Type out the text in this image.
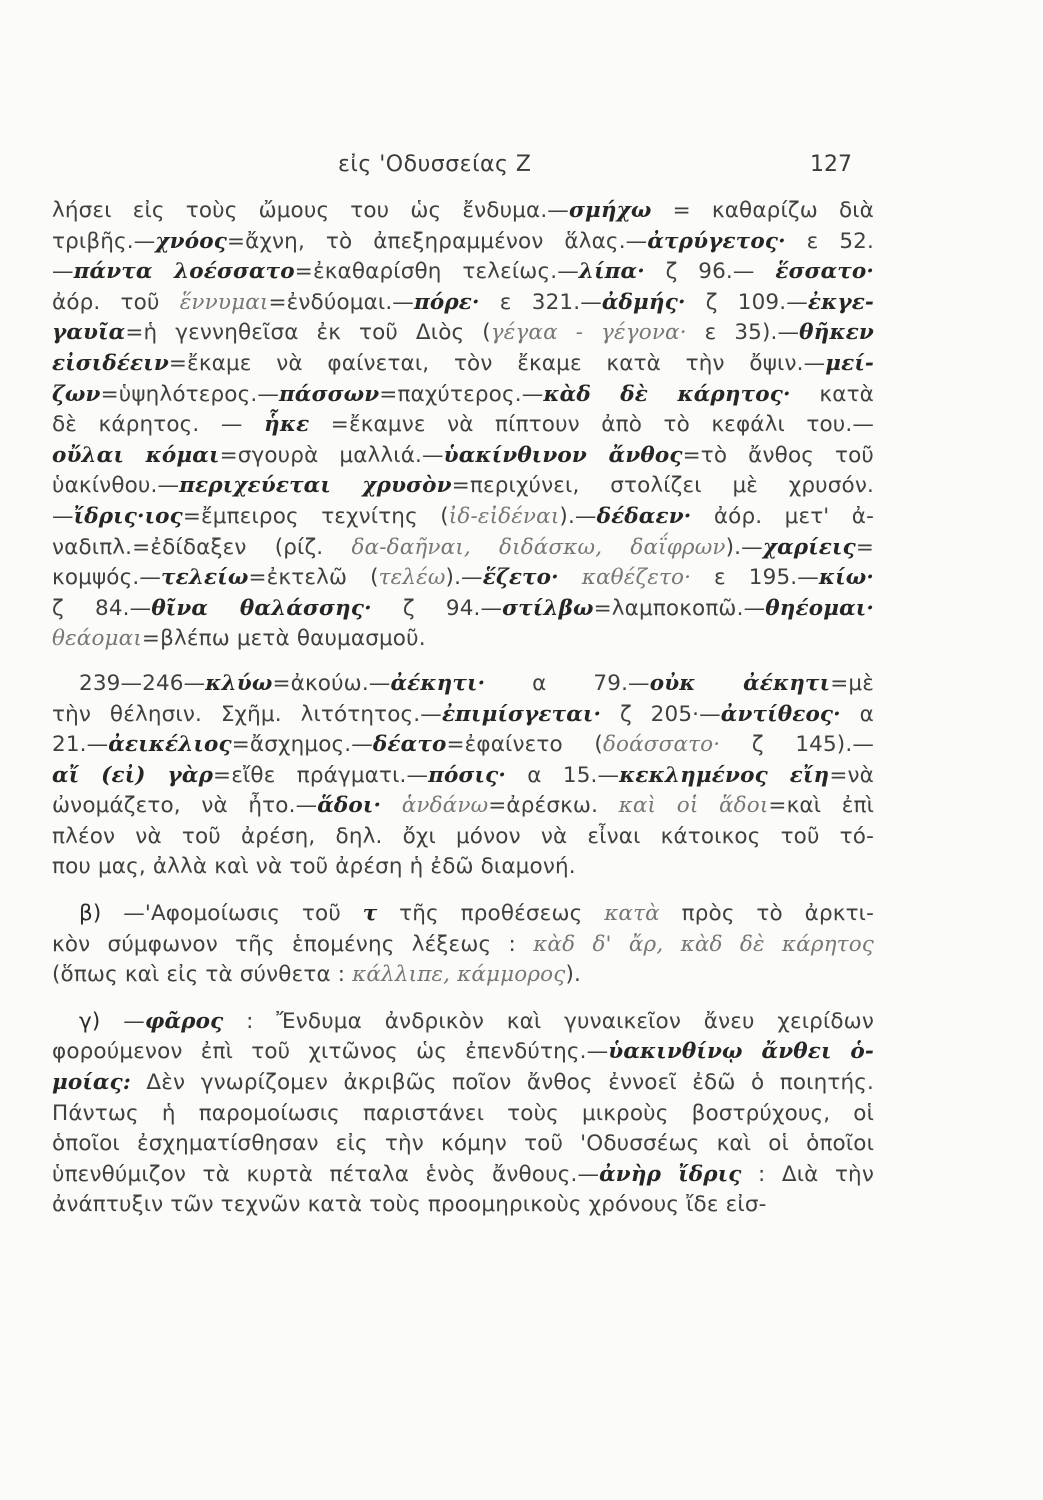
εἰς 'Οδυσσείας Ζ	127
λήσει εἰς τοὺς ὤμους του ὡς ἔνδυμα.—σμήχω = καθαρίζω διὰ
τριβῆς.—χνόος=ἄχνη, τὸ ἀπεξηραμμένον ἅλας.—ἀτρύγετος· ε 52.
—πάντα λοέσσατο=ἐκαθαρίσθη τελείως.—λίπα· ζ 96.— ἕσσατο·
ἀόρ. τοῦ ἕννυμαι=ἐνδύομαι.—πόρε· ε 321.—ἀδμής· ζ 109.—ἐκγε-
γαυῖα=ἡ γεννηθεῖσα ἐκ τοῦ Διὸς (γέγαα - γέγονα· ε 35).—θῆκεν
εἰσιδέειν=ἔκαμε νὰ φαίνεται, τὸν ἔκαμε κατὰ τὴν ὄψιν.—μεί-
ζων=ὑψηλότερος.—πάσσων=παχύτερος.—κὰδ δὲ κάρητος· κατὰ
δὲ κάρητος. — ἧκε =ἔκαμνε νὰ πίπτουν ἀπὸ τὸ κεφάλι του.—
οὔλαι κόμαι=σγουρὰ μαλλιά.—ὑακίνθινον ἄνθος=τὸ ἄνθος τοῦ
ὑακίνθου.—περιχεύεται χρυσὸν=περιχύνει, στολίζει μὲ χρυσόν.
—ἴδρις·ιος=ἔμπειρος τεχνίτης (ἰδ-εἰδέναι).—δέδαεν· ἀόρ. μετ' ἀ-
ναδιπλ.=ἐδίδαξεν (ρίζ. δα-δαῆναι, διδάσκω, δαΐφρων).—χαρίεις=
κομψός.—τελείω=ἐκτελῶ (τελέω).—ἕζετο· καθέζετο· ε 195.—κίω·
ζ 84.—θῖνα θαλάσσης· ζ 94.—στίλβω=λαμποκοπῶ.—θηέομαι·
θεάομαι=βλέπω μετὰ θαυμασμοῦ.
239—246—κλύω=ἀκούω.—ἀέκητι· α 79.—οὐκ ἀέκητι=μὲ
τὴν θέλησιν. Σχῆμ. λιτότητος.—ἐπιμίσγεται· ζ 205·—ἀντίθεος· α
21.—ἀεικέλιος=ἄσχημος.—δέατο=ἐφαίνετο (δοάσσατο· ζ 145).—
αἴ (εἰ) γὰρ=εἴθε πράγματι.—πόσις· α 15.—κεκλημένος εἴη=νὰ
ὠνομάζετο, νὰ ἦτο.—ἅδοι· ἁνδάνω=ἀρέσκω. καὶ οἱ ἅδοι=καὶ ἐπὶ
πλέον νὰ τοῦ ἀρέση, δηλ. ὄχι μόνον νὰ εἶναι κάτοικος τοῦ τό-
που μας, ἀλλὰ καὶ νὰ τοῦ ἀρέση ἡ ἐδῶ διαμονή.
β) —'Αφομοίωσις τοῦ τ τῆς προθέσεως κατὰ πρὸς τὸ ἀρκτι-
κὸν σύμφωνον τῆς ἑπομένης λέξεως : κὰδ δ' ἄρ, κὰδ δὲ κάρητος
(ὅπως καὶ εἰς τὰ σύνθετα : κάλλιπε, κάμμορος).
γ) —φᾶρος : Ἔνδυμα ἀνδρικὸν καὶ γυναικεῖον ἄνευ χειρίδων
φορούμενον ἐπὶ τοῦ χιτῶνος ὡς ἐπενδύτης.—ὑακινθίνῳ ἄνθει ὁ-
μοίας: Δὲν γνωρίζομεν ἀκριβῶς ποῖον ἄνθος ἐννοεῖ ἐδῶ ὁ ποιητής.
Πάντως ἡ παρομοίωσις παριστάνει τοὺς μικροὺς βοστρύχους, οἱ
ὁποῖοι ἐσχηματίσθησαν εἰς τὴν κόμην τοῦ 'Οδυσσέως καὶ οἱ ὁποῖοι
ὑπενθύμιζον τὰ κυρτὰ πέταλα ἑνὸς ἄνθους.—ἀνὴρ ἴδρις : Διὰ τὴν
ἀνάπτυξιν τῶν τεχνῶν κατὰ τοὺς προομηρικοὺς χρόνους ἴδε εἰσ-
